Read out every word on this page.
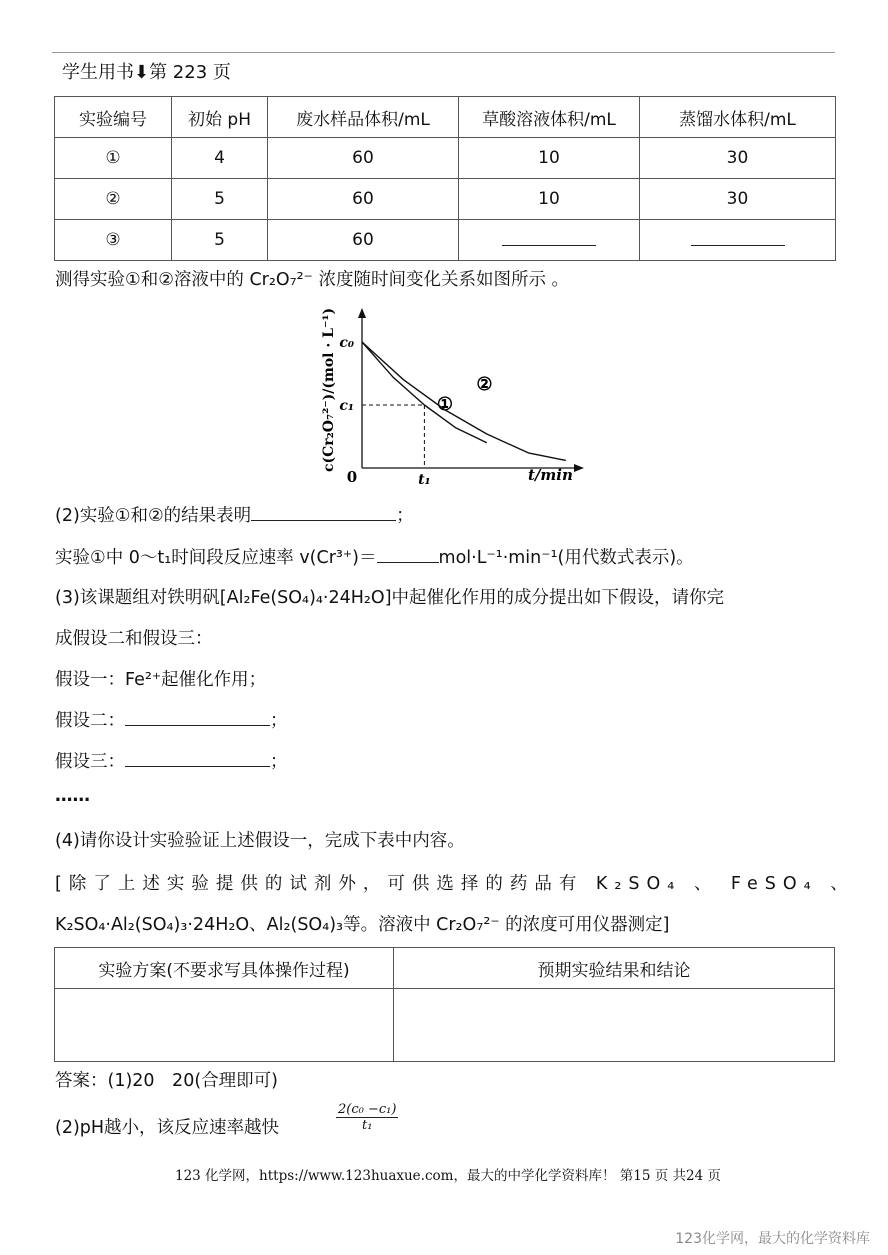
学生用书⬇第 223 页
实验编号	初始 pH	废水样品体积/mL	草酸溶液体积/mL	蒸馏水体积/mL
①	4	60	10	30
②	5	60	10	30
③	5	60		
测得实验①和②溶液中的 Cr₂O₇²⁻ 浓度随时间变化关系如图所示 。
0	t/min
c(Cr₂O₇²⁻)/(mol · L⁻¹) c₀
c₁
t₁
①
②
(2)实验①和②的结果表明	；
实验①中 0～t₁时间段反应速率 v(Cr³⁺)＝	mol·L⁻¹·min⁻¹(用代数式表示)。
(3)该课题组对铁明矾[Al₂Fe(SO₄)₄·24H₂O]中起催化作用的成分提出如下假设，请你完
成假设二和假设三：
假设一：Fe²⁺起催化作用；
假设二：	；
假设三：	；
……
(4)请你设计实验验证上述假设一，完成下表中内容。
[除了上述实验提供的试剂外，可供选择的药品有 K₂SO₄ 、 FeSO₄ 、
K₂SO₄·Al₂(SO₄)₃·24H₂O、Al₂(SO₄)₃等。溶液中 Cr₂O₇²⁻ 的浓度可用仪器测定]
实验方案(不要求写具体操作过程)	预期实验结果和结论

答案：(1)20　20(合理即可)
(2)pH越小，该反应速率越快	$\frac{\text{2(c₀ −c₁)}}{\text{t₁}}$
123 化学网，https://www.123huaxue.com，最大的中学化学资料库！ 第15 页 共24 页
123化学网，最大的化学资料库
